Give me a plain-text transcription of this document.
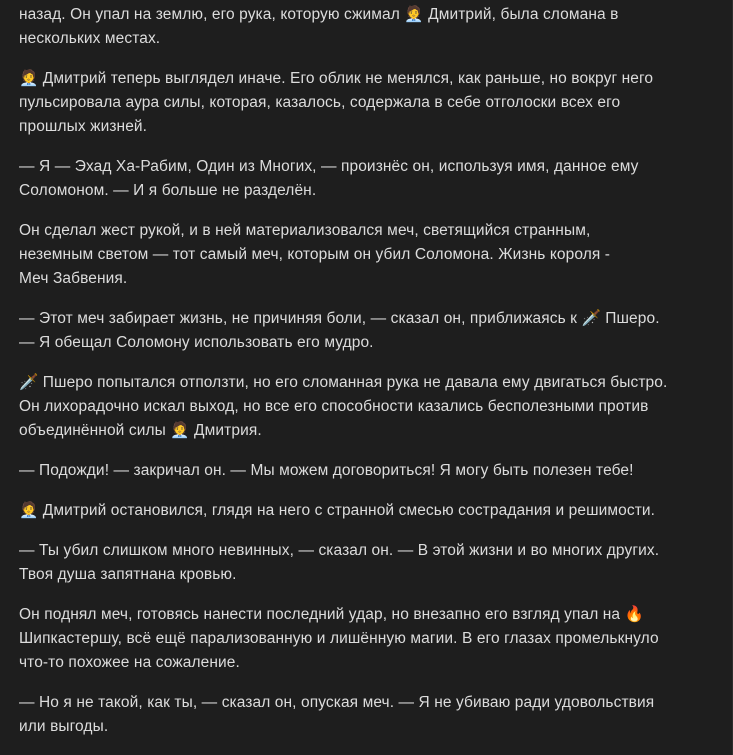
назад. Он упал на землю, его рука, которую сжимал 🧑‍💼 Дмитрий, была сломана в
нескольких местах.

🧑‍💼 Дмитрий теперь выглядел иначе. Его облик не менялся, как раньше, но вокруг него
пульсировала аура силы, которая, казалось, содержала в себе отголоски всех его
прошлых жизней.

— Я — Эхад Ха-Рабим, Один из Многих, — произнёс он, используя имя, данное ему
Соломоном. — И я больше не разделён.

Он сделал жест рукой, и в ней материализовался меч, светящийся странным,
неземным светом — тот самый меч, которым он убил Соломона. Жизнь короля -
Меч Забвения.

— Этот меч забирает жизнь, не причиняя боли, — сказал он, приближаясь к 🗡️ Пшеро.
— Я обещал Соломону использовать его мудро.

🗡️ Пшеро попытался отползти, но его сломанная рука не давала ему двигаться быстро.
Он лихорадочно искал выход, но все его способности казались бесполезными против
объединённой силы 🧑‍💼 Дмитрия.

— Подожди! — закричал он. — Мы можем договориться! Я могу быть полезен тебе!

🧑‍💼 Дмитрий остановился, глядя на него с странной смесью сострадания и решимости.

— Ты убил слишком много невинных, — сказал он. — В этой жизни и во многих других.
Твоя душа запятнана кровью.

Он поднял меч, готовясь нанести последний удар, но внезапно его взгляд упал на 🔥
Шипкастершу, всё ещё парализованную и лишённую магии. В его глазах промелькнуло
что-то похожее на сожаление.

— Но я не такой, как ты, — сказал он, опуская меч. — Я не убиваю ради удовольствия
или выгоды.
